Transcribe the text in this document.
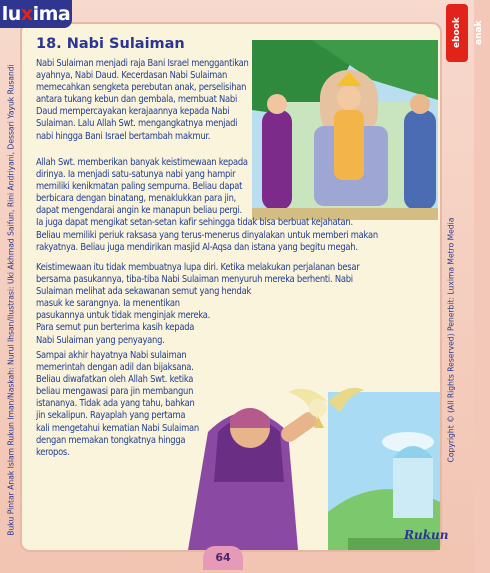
luxima
ebook anak
18. Nabi Sulaiman

Nabi Sulaiman menjadi raja Bani Israel menggantikan

ayahnya, Nabi Daud. Kecerdasan Nabi Sulaiman

memecahkan sengketa perebutan anak, perselisihan

antara tukang kebun dan gembala, membuat Nabi

Daud mempercayakan kerajaannya kepada Nabi

Sulaiman. Lalu Allah Swt. mengangkatnya menjadi

nabi hingga Bani Israel bertambah makmur.

Allah Swt. memberikan banyak keistimewaan kepada

dirinya. Ia menjadi satu-satunya nabi yang hampir

memiliki kenikmatan paling sempurna. Beliau dapat

berbicara dengan binatang, menaklukkan para jin,

dapat mengendarai angin ke manapun beliau pergi.

Ia juga dapat mengikat setan-setan kafir sehingga tidak bisa berbuat kejahatan.

Beliau memiliki periuk raksasa yang terus-menerus dinyalakan untuk memberi makan

rakyatnya. Beliau juga mendirikan masjid Al-Aqsa dan istana yang begitu megah.

Keistimewaan itu tidak membuatnya lupa diri. Ketika melakukan perjalanan besar

bersama pasukannya, tiba-tiba Nabi Sulaiman menyuruh mereka berhenti. Nabi

Sulaiman melihat ada sekawanan semut yang hendak

masuk ke sarangnya. Ia menentikan

pasukannya untuk tidak menginjak mereka.

Para semut pun berterima kasih kepada

Nabi Sulaiman yang penyayang.

Sampai akhir hayatnya Nabi sulaiman

memerintah dengan adil dan bijaksana.

Beliau diwafatkan oleh Allah Swt. ketika

beliau mengawasi para jin membangun

istananya. Tidak ada yang tahu, bahkan

jin sekalipun. Rayaplah yang pertama

kali mengetahui kematian Nabi Sulaiman

dengan memakan tongkatnya hingga

keropos.

Buku Pintar Anak Islam Rukun Iman/Naskah: Nurul Ihsan/Ilustrasi: Uki Akhmad Saifun, Rini Andriyani, Dessari Yayuk Rusandi	Copyright © (All Rights Reserved) Penerbit: Luxima Metro Media
64
Rukun
